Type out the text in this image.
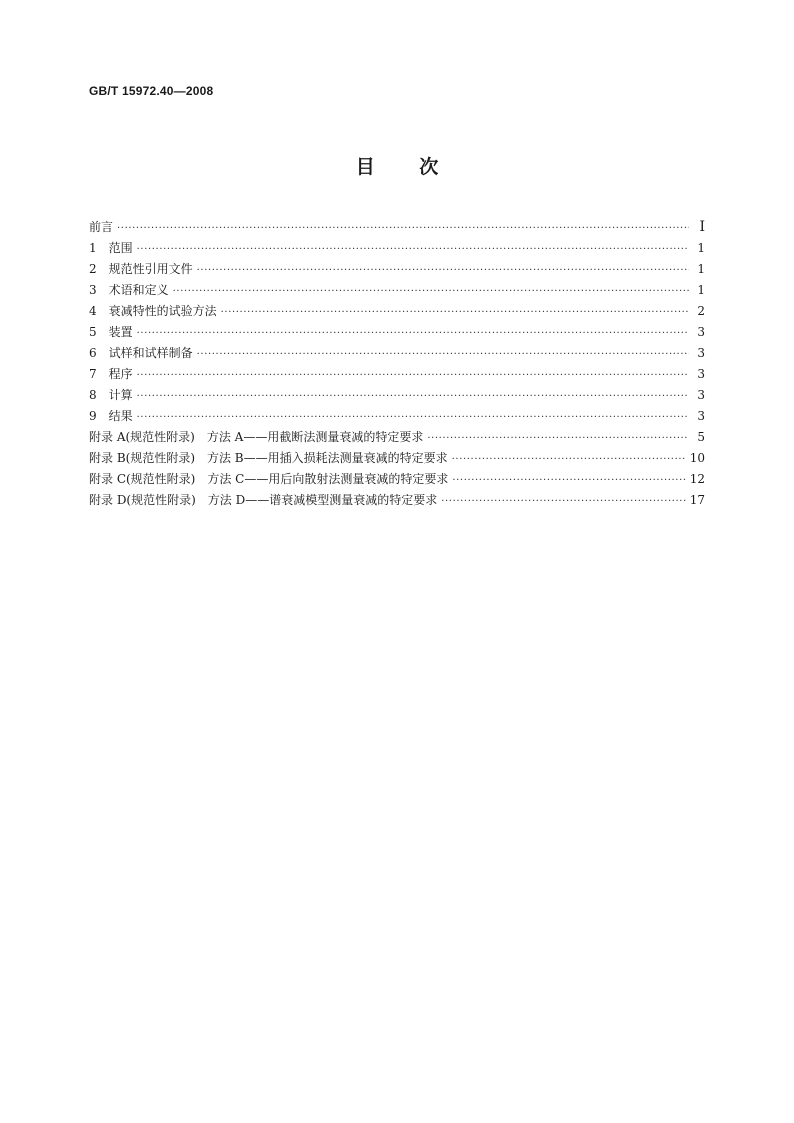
GB/T 15972.40—2008
目 次
前言 ·····	Ⅰ
1　范围 ·····	1
2　规范性引用文件 ·····	1
3　术语和定义 ·····	1
4　衰减特性的试验方法 ·····	2
5　装置 ·····	3
6　试样和试样制备 ·····	3
7　程序 ·····	3
8　计算 ·····	3
9　结果 ·····	3
附录 A(规范性附录)　方法 A——用截断法测量衰减的特定要求 ·····	5
附录 B(规范性附录)　方法 B——用插入损耗法测量衰减的特定要求 ·····	10
附录 C(规范性附录)　方法 C——用后向散射法测量衰减的特定要求 ·····	12
附录 D(规范性附录)　方法 D——谱衰减模型测量衰减的特定要求 ·····	17
